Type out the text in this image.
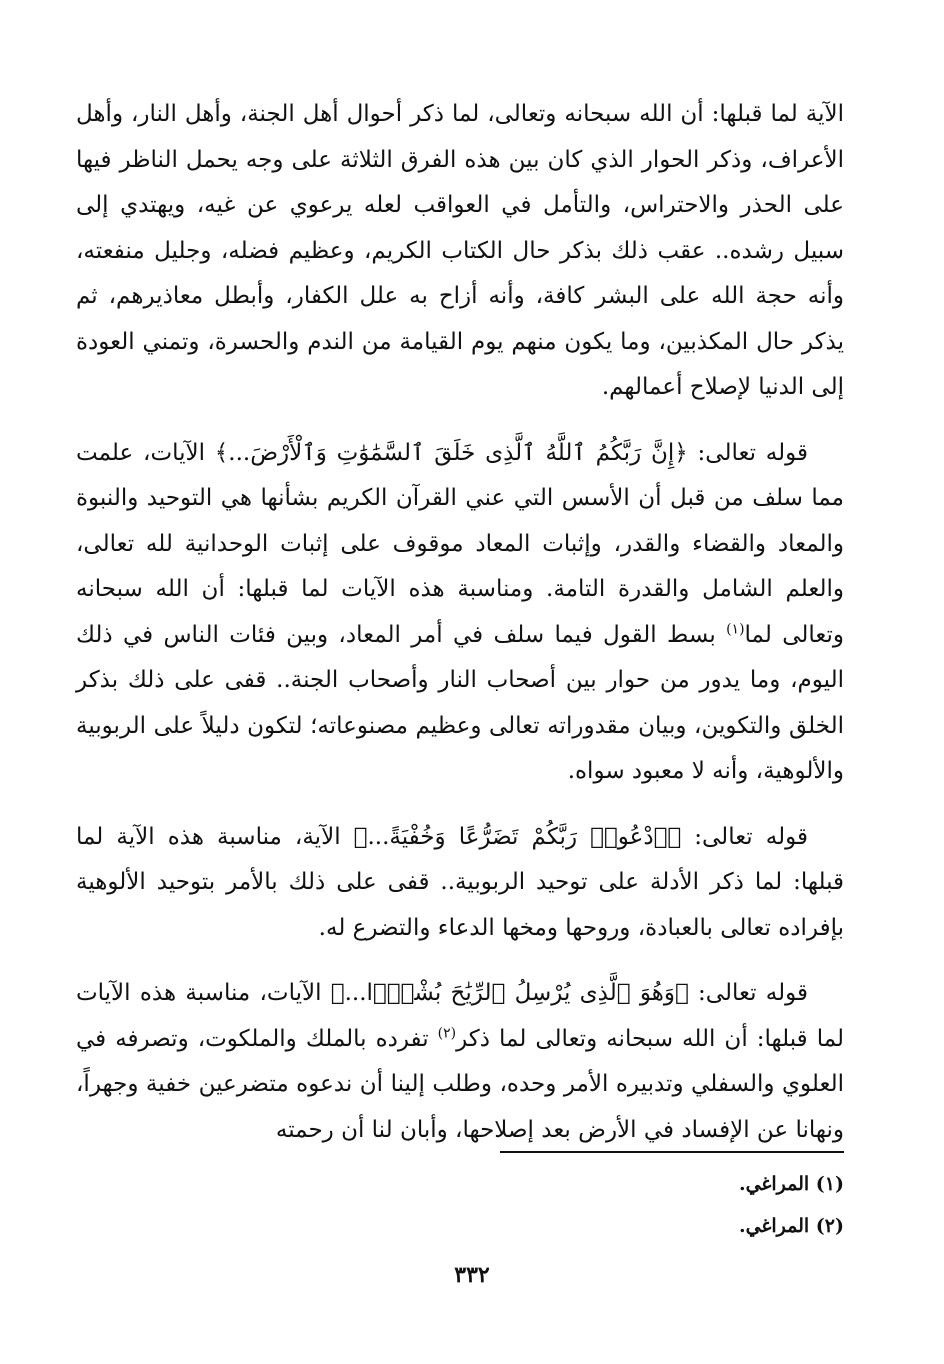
الآية لما قبلها: أن الله سبحانه وتعالى، لما ذكر أحوال أهل الجنة، وأهل النار، وأهل الأعراف، وذكر الحوار الذي كان بين هذه الفرق الثلاثة على وجه يحمل الناظر فيها على الحذر والاحتراس، والتأمل في العواقب لعله يرعوي عن غيه، ويهتدي إلى سبيل رشده.. عقب ذلك بذكر حال الكتاب الكريم، وعظيم فضله، وجليل منفعته، وأنه حجة الله على البشر كافة، وأنه أزاح به علل الكفار، وأبطل معاذيرهم، ثم يذكر حال المكذبين، وما يكون منهم يوم القيامة من الندم والحسرة، وتمني العودة إلى الدنيا لإصلاح أعمالهم.

قوله تعالى: ﴿إِنَّ رَبَّكُمُ ٱللَّهُ ٱلَّذِى خَلَقَ ٱلسَّمَٰوَٰتِ وَٱلْأَرْضَ...﴾ الآيات، علمت مما سلف من قبل أن الأسس التي عني القرآن الكريم بشأنها هي التوحيد والنبوة والمعاد والقضاء والقدر، وإثبات المعاد موقوف على إثبات الوحدانية لله تعالى، والعلم الشامل والقدرة التامة. ومناسبة هذه الآيات لما قبلها: أن الله سبحانه وتعالى لما$^{(١)}$ بسط القول فيما سلف في أمر المعاد، وبين فئات الناس في ذلك اليوم، وما يدور من حوار بين أصحاب النار وأصحاب الجنة.. قفى على ذلك بذكر الخلق والتكوين، وبيان مقدوراته تعالى وعظيم مصنوعاته؛ لتكون دليلاً على الربوبية والألوهية، وأنه لا معبود سواه.

قوله تعالى: ﴿ٱدْعُوا۟ رَبَّكُمْ تَضَرُّعًا وَخُفْيَةً...﴾ الآية، مناسبة هذه الآية لما قبلها: لما ذكر الأدلة على توحيد الربوبية.. قفى على ذلك بالأمر بتوحيد الألوهية بإفراده تعالى بالعبادة، وروحها ومخها الدعاء والتضرع له.

قوله تعالى: ﴿وَهُوَ ٱلَّذِى يُرْسِلُ ٱلرِّيَٰحَ بُشْرًۢا...﴾ الآيات، مناسبة هذه الآيات لما قبلها: أن الله سبحانه وتعالى لما ذكر$^{(٢)}$ تفرده بالملك والملكوت، وتصرفه في العلوي والسفلي وتدبيره الأمر وحده، وطلب إلينا أن ندعوه متضرعين خفية وجهراً، ونهانا عن الإفساد في الأرض بعد إصلاحها، وأبان لنا أن رحمته

(١) المراغي.
(٢) المراغي.
٣٣٢
